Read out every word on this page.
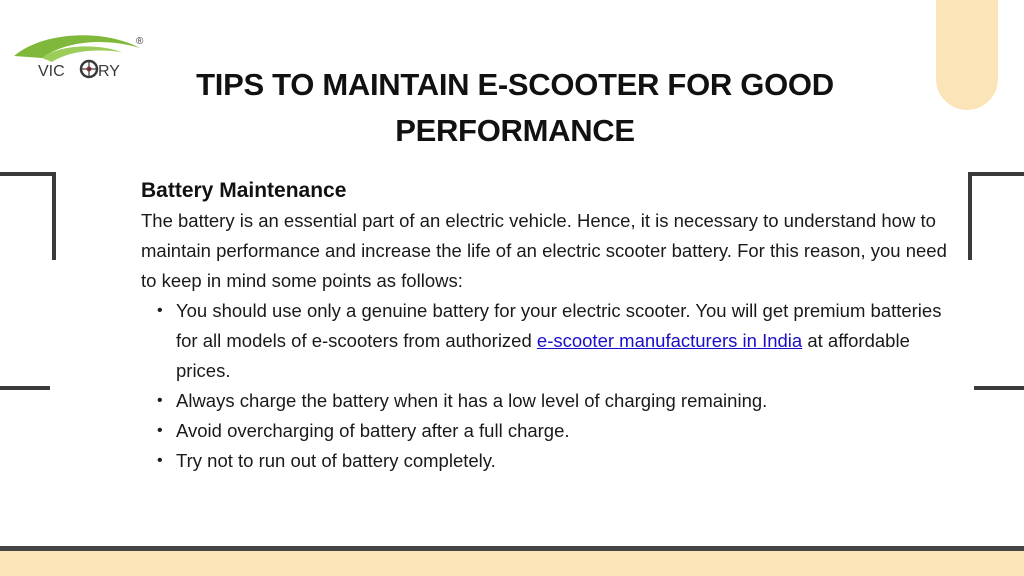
®
VIC RY	TIPS TO MAINTAIN E-SCOOTER FOR GOOD PERFORMANCE
Battery Maintenance

The battery is an essential part of an electric vehicle. Hence, it is necessary to understand how to maintain performance and increase the life of an electric scooter battery. For this reason, you need to keep in mind some points as follows:

• You should use only a genuine battery for your electric scooter. You will get premium batteries for all models of e-scooters from authorized e-scooter manufacturers in India at affordable prices.
• Always charge the battery when it has a low level of charging remaining.
• Avoid overcharging of battery after a full charge.
• Try not to run out of battery completely.
